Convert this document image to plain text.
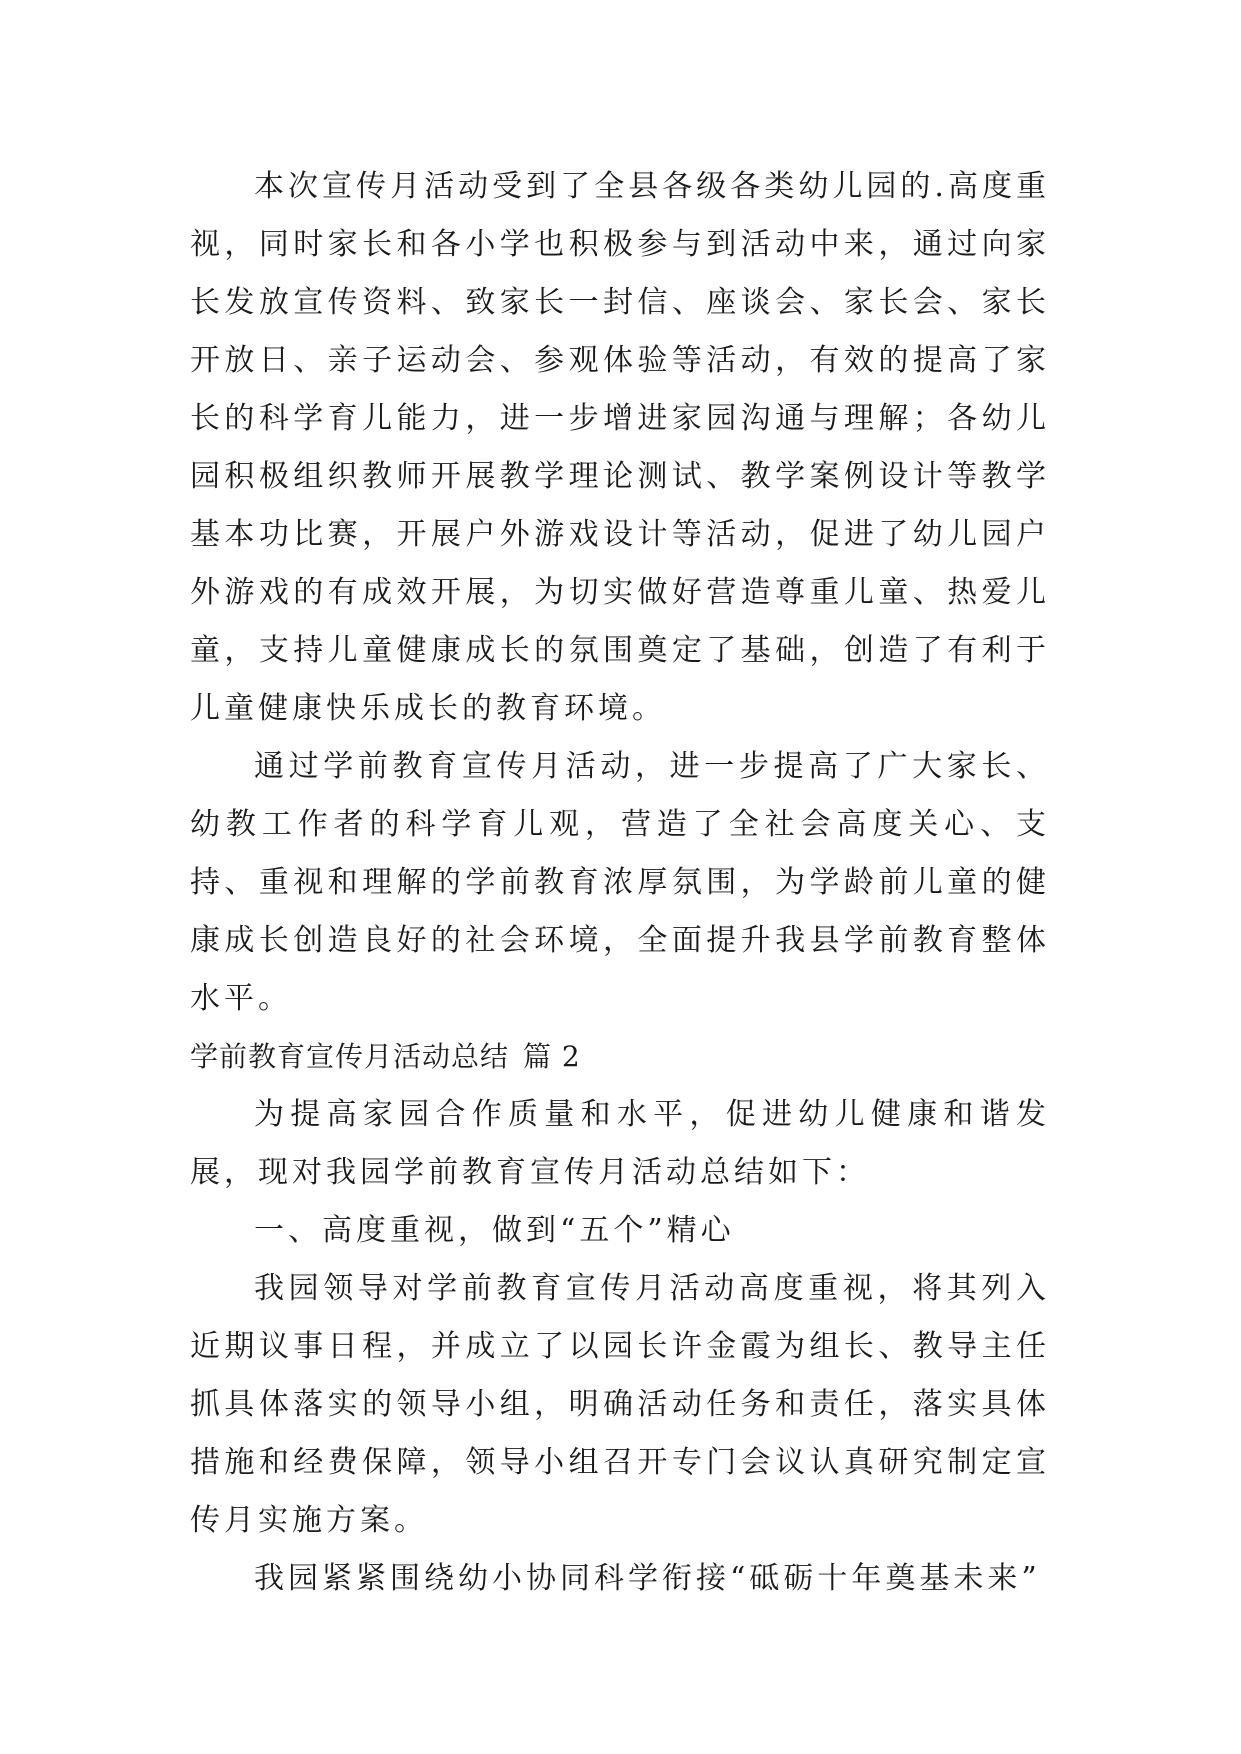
本次宣传月活动受到了全县各级各类幼儿园的.高度重视，同时家长和各小学也积极参与到活动中来，通过向家长发放宣传资料、致家长一封信、座谈会、家长会、家长开放日、亲子运动会、参观体验等活动，有效的提高了家长的科学育儿能力，进一步增进家园沟通与理解；各幼儿园积极组织教师开展教学理论测试、教学案例设计等教学基本功比赛，开展户外游戏设计等活动，促进了幼儿园户外游戏的有成效开展，为切实做好营造尊重儿童、热爱儿童，支持儿童健康成长的氛围奠定了基础，创造了有利于儿童健康快乐成长的教育环境。

通过学前教育宣传月活动，进一步提高了广大家长、幼教工作者的科学育儿观，营造了全社会高度关心、支持、重视和理解的学前教育浓厚氛围，为学龄前儿童的健康成长创造良好的社会环境，全面提升我县学前教育整体水平。

学前教育宣传月活动总结 篇 2

为提高家园合作质量和水平，促进幼儿健康和谐发展，现对我园学前教育宣传月活动总结如下：

一、高度重视，做到“五个”精心

我园领导对学前教育宣传月活动高度重视，将其列入近期议事日程，并成立了以园长许金霞为组长、教导主任抓具体落实的领导小组，明确活动任务和责任，落实具体措施和经费保障，领导小组召开专门会议认真研究制定宣传月实施方案。

我园紧紧围绕幼小协同科学衔接“砥砺十年奠基未来”
